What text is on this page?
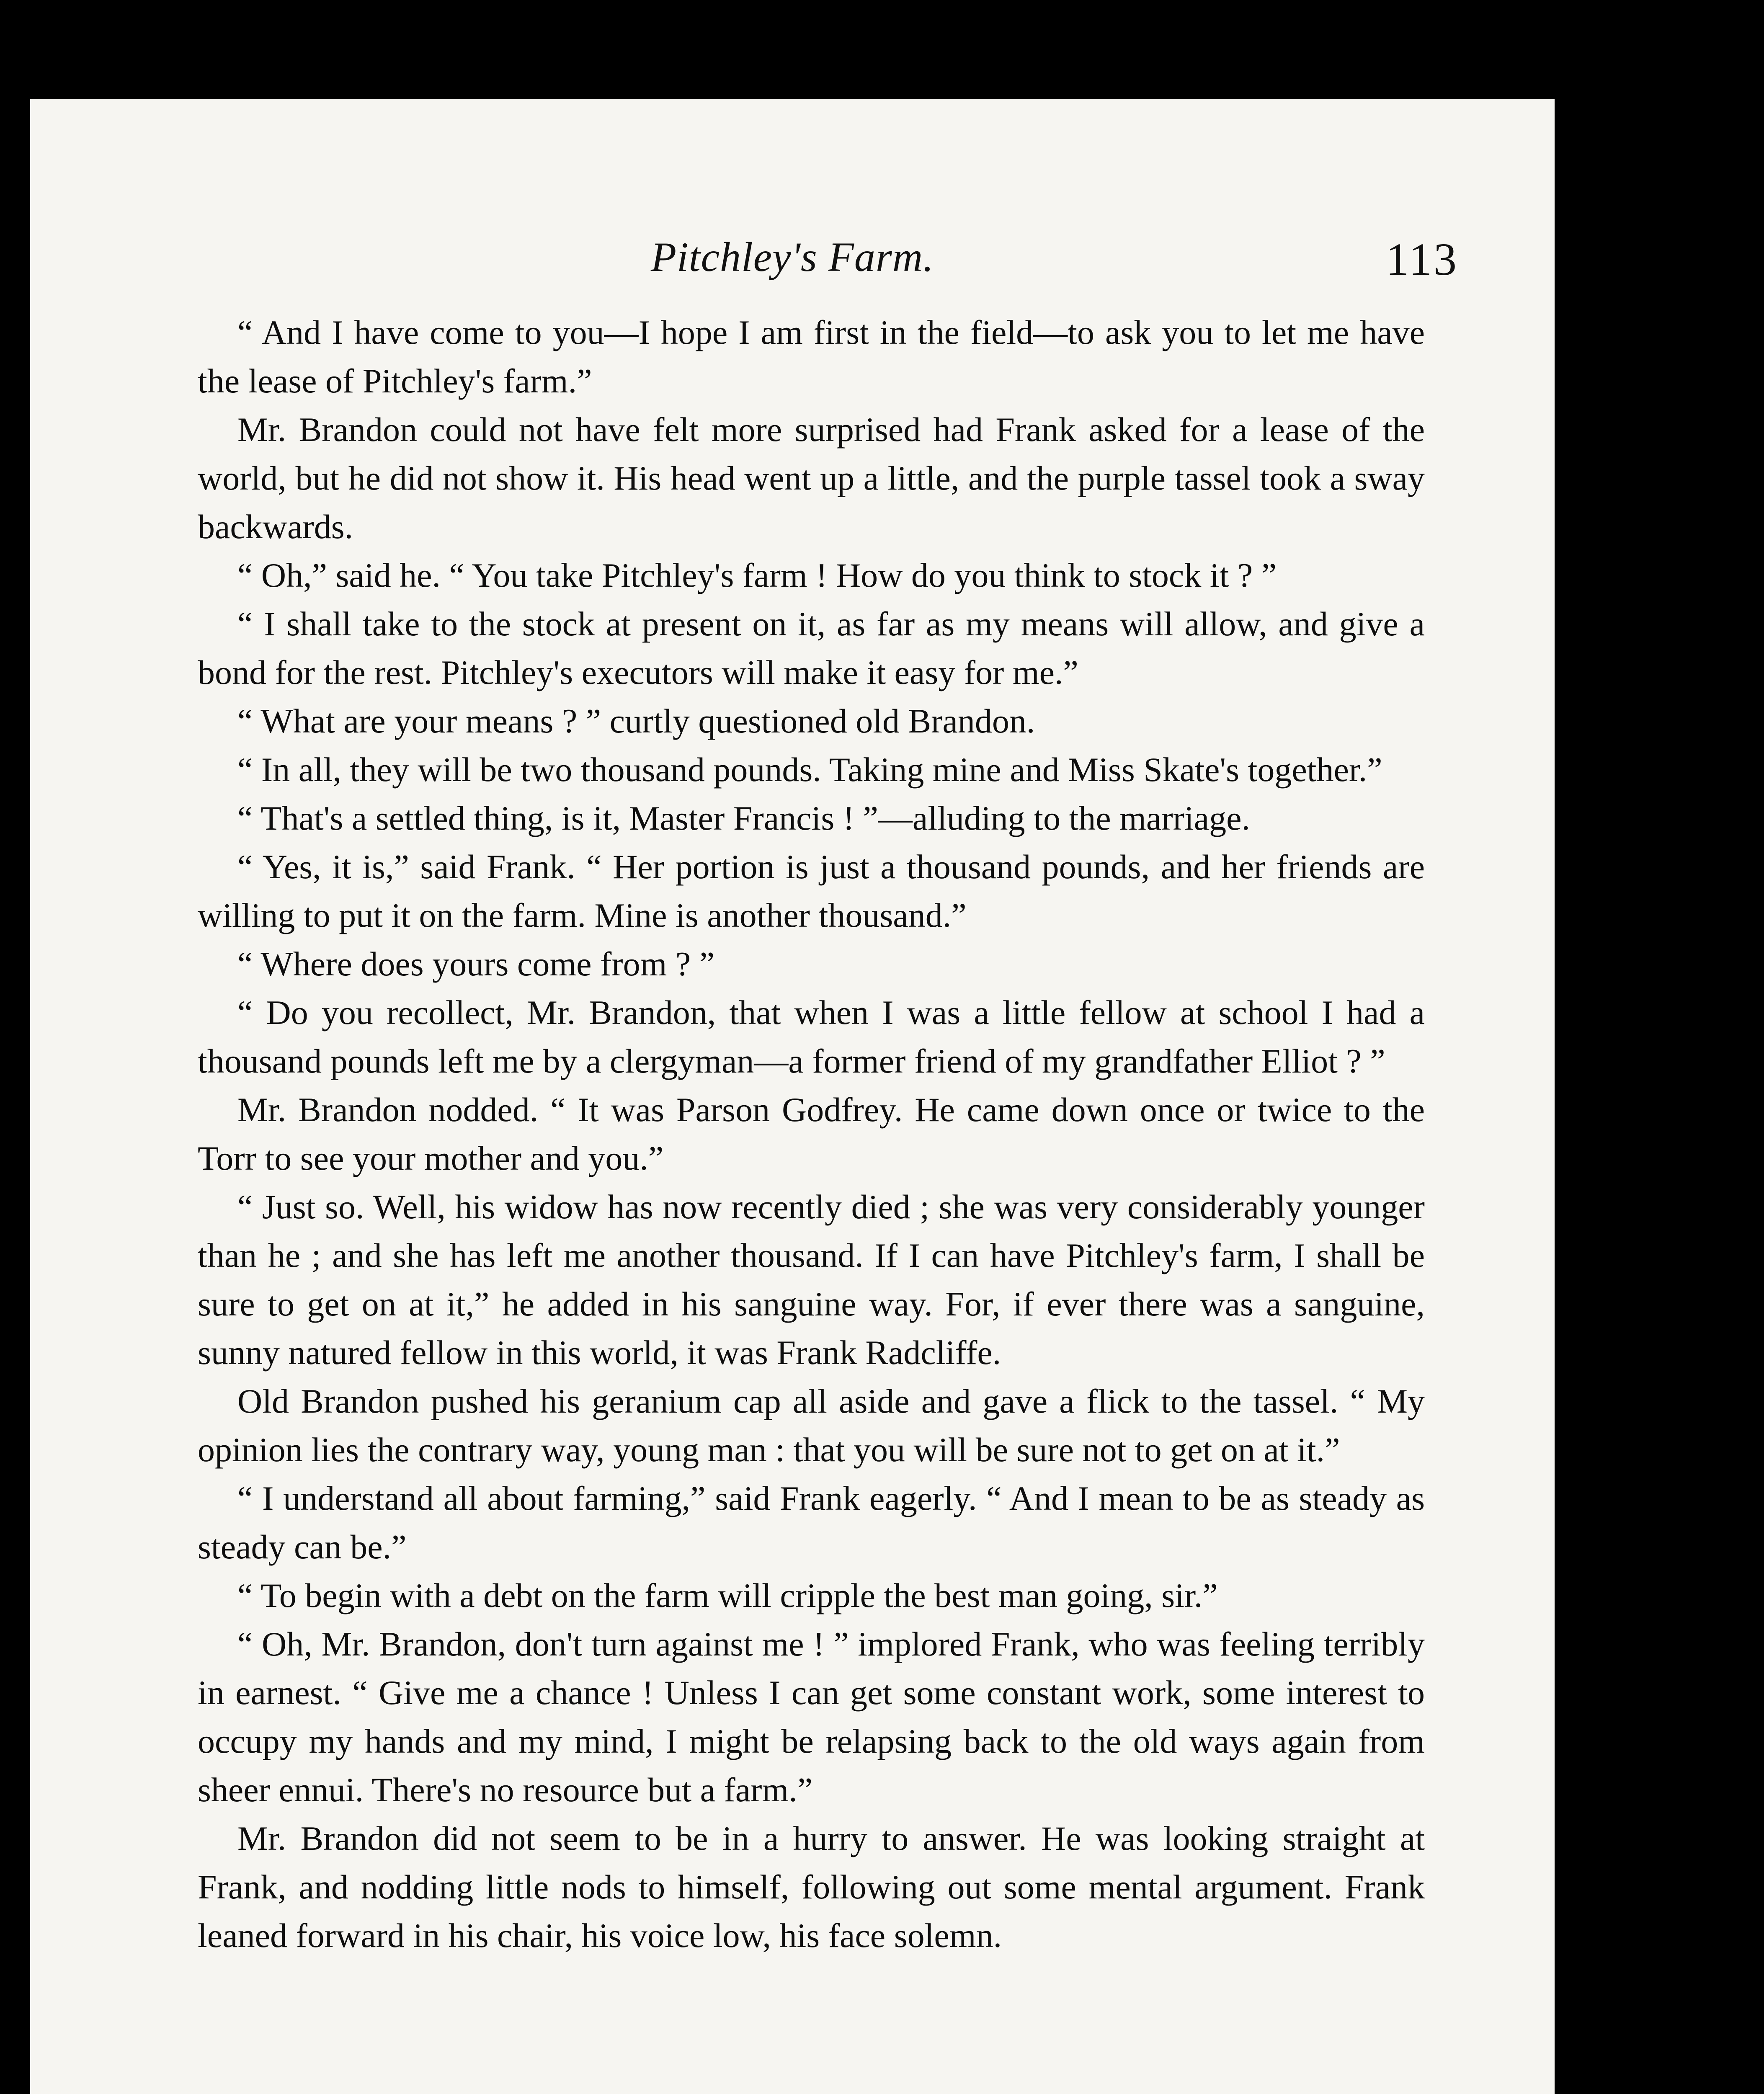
Pitchley's Farm.	113

“ And I have come to you—I hope I am first in the field—to ask you to let me have the lease of Pitchley's farm.”

Mr. Brandon could not have felt more surprised had Frank asked for a lease of the world, but he did not show it. His head went up a little, and the purple tassel took a sway backwards.

“ Oh,” said he. “ You take Pitchley's farm ! How do you think to stock it ? ”

“ I shall take to the stock at present on it, as far as my means will allow, and give a bond for the rest. Pitchley's executors will make it easy for me.”

“ What are your means ? ” curtly questioned old Brandon.

“ In all, they will be two thousand pounds. Taking mine and Miss Skate's together.”

“ That's a settled thing, is it, Master Francis ! ”—alluding to the marriage.

“ Yes, it is,” said Frank. “ Her portion is just a thousand pounds, and her friends are willing to put it on the farm. Mine is another thousand.”

“ Where does yours come from ? ”

“ Do you recollect, Mr. Brandon, that when I was a little fellow at school I had a thousand pounds left me by a clergyman—a former friend of my grandfather Elliot ? ”

Mr. Brandon nodded. “ It was Parson Godfrey. He came down once or twice to the Torr to see your mother and you.”

“ Just so. Well, his widow has now recently died ; she was very considerably younger than he ; and she has left me another thousand. If I can have Pitchley's farm, I shall be sure to get on at it,” he added in his sanguine way. For, if ever there was a sanguine, sunny natured fellow in this world, it was Frank Radcliffe.

Old Brandon pushed his geranium cap all aside and gave a flick to the tassel. “ My opinion lies the contrary way, young man : that you will be sure not to get on at it.”

“ I understand all about farming,” said Frank eagerly. “ And I mean to be as steady as steady can be.”

“ To begin with a debt on the farm will cripple the best man going, sir.”

“ Oh, Mr. Brandon, don't turn against me ! ” implored Frank, who was feeling terribly in earnest. “ Give me a chance ! Unless I can get some constant work, some interest to occupy my hands and my mind, I might be relapsing back to the old ways again from sheer ennui. There's no resource but a farm.”

Mr. Brandon did not seem to be in a hurry to answer. He was looking straight at Frank, and nodding little nods to himself, following out some mental argument. Frank leaned forward in his chair, his voice low, his face solemn.
